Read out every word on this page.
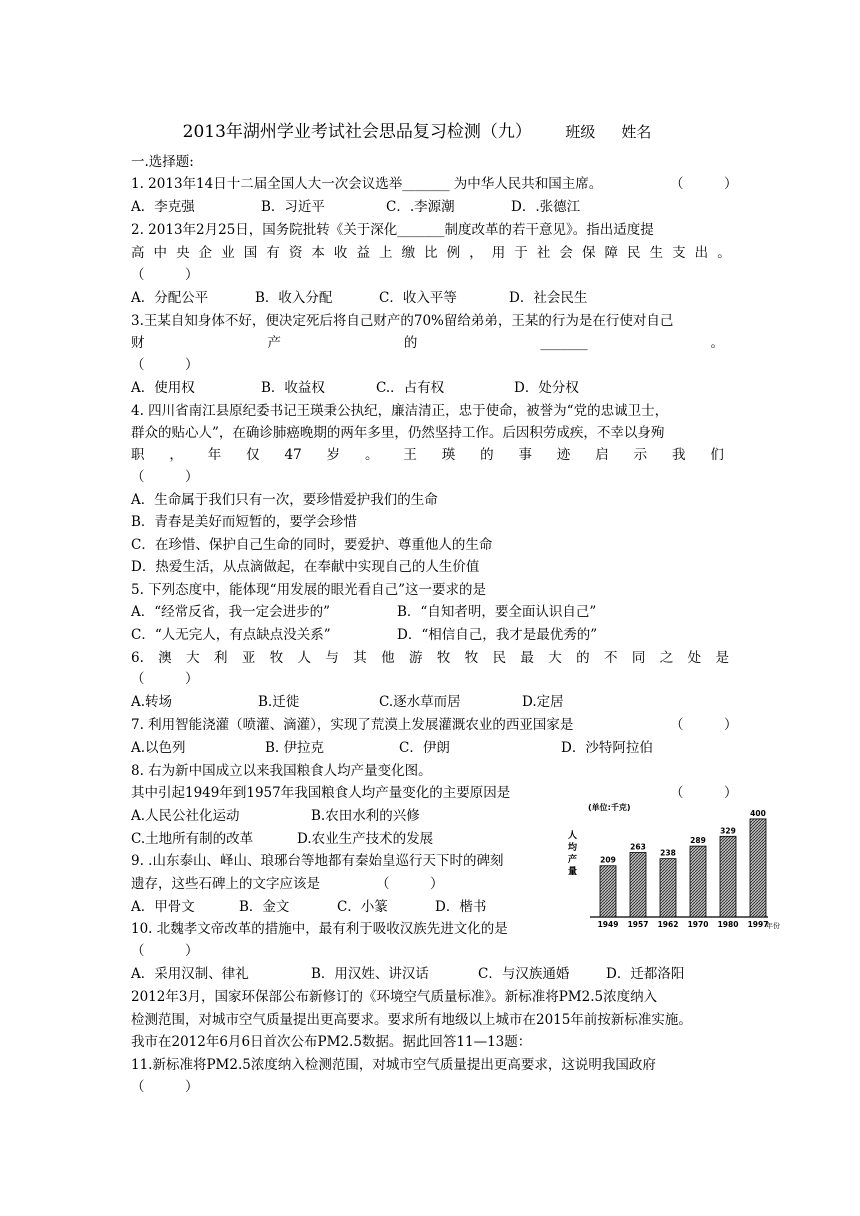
2013年湖州学业考试社会思品复习检测（九） 班级 姓名
一.选择题:
1. 2013年14日十二届全国人大一次会议选举_______ 为中华人民共和国主席。	（　　　）
A．李克强	B．习近平	C．.李源潮	D．.张德江
2. 2013年2月25日，国务院批转《关于深化_______制度改革的若干意见》。指出适度提
高 中 央 企 业 国 有 资 本 收 益 上 缴 比 例 ， 用 于 社 会 保 障 民 生 支 出 。
（　　　）
A．分配公平	B．收入分配	C．收入平等	D．社会民生
3.王某自知身体不好，便决定死后将自己财产的70%留给弟弟，王某的行为是在行使对自己
财	产	的	_______	。
（　　　）
A．使用权	B．收益权	C.．占有权	D．处分权
4. 四川省南江县原纪委书记王瑛秉公执纪，廉洁清正，忠于使命，被誉为“党的忠诚卫士，
群众的贴心人”，在确诊肺癌晚期的两年多里，仍然坚持工作。后因积劳成疾，不幸以身殉
职 ， 年 仅 47 岁 。 王 瑛 的 事 迹 启 示 我 们
（　　　）
A．生命属于我们只有一次，要珍惜爱护我们的生命
B．青春是美好而短暂的，要学会珍惜
C．在珍惜、保护自己生命的同时，要爱护、尊重他人的生命
D．热爱生活，从点滴做起，在奉献中实现自己的人生价值
5. 下列态度中，能体现“用发展的眼光看自己”这一要求的是
A．“经常反省，我一定会进步的”	B．“自知者明，要全面认识自己”
C．“人无完人，有点缺点没关系”	D．“相信自己，我才是最优秀的”
6. 澳 大 利 亚 牧 人 与 其 他 游 牧 牧 民 最 大 的 不 同 之 处 是
（　　　）
A.转场	B.迁徙	C.逐水草而居	D.定居
7. 利用智能浇灌（喷灌、滴灌），实现了荒漠上发展灌溉农业的西亚国家是	（　　　）
A.以色列	B. 伊拉克	C．伊朗	D．沙特阿拉伯
8. 右为新中国成立以来我国粮食人均产量变化图。
其中引起1949年到1957年我国粮食人均产量变化的主要原因是	（　　　）
A.人民公社化运动	B.农田水利的兴修
C.土地所有制的改革	D.农业生产技术的发展
9. .山东泰山、峄山、琅琊台等地都有秦始皇巡行天下时的碑刻
遗存，这些石碑上的文字应该是	（　　　）
A．甲骨文	B．金文	C．小篆	D．楷书
10. 北魏孝文帝改革的措施中，最有利于吸收汉族先进文化的是
（　　　）
A．采用汉制、律礼	B．用汉姓、讲汉话	C．与汉族通婚	D．迁都洛阳
2012年3月，国家环保部公布新修订的《环境空气质量标准》。新标准将PM2.5浓度纳入
检测范围，对城市空气质量提出更高要求。要求所有地级以上城市在2015年前按新标准实施。
我市在2012年6月6日首次公布PM2.5数据。据此回答11—13题：
11.新标准将PM2.5浓度纳入检测范围，对城市空气质量提出更高要求，这说明我国政府
（　　　）
(单位:千克)
人均产量
年份
209
1949
263
1957
238
1962
289
1970
329
1980
400
1997
